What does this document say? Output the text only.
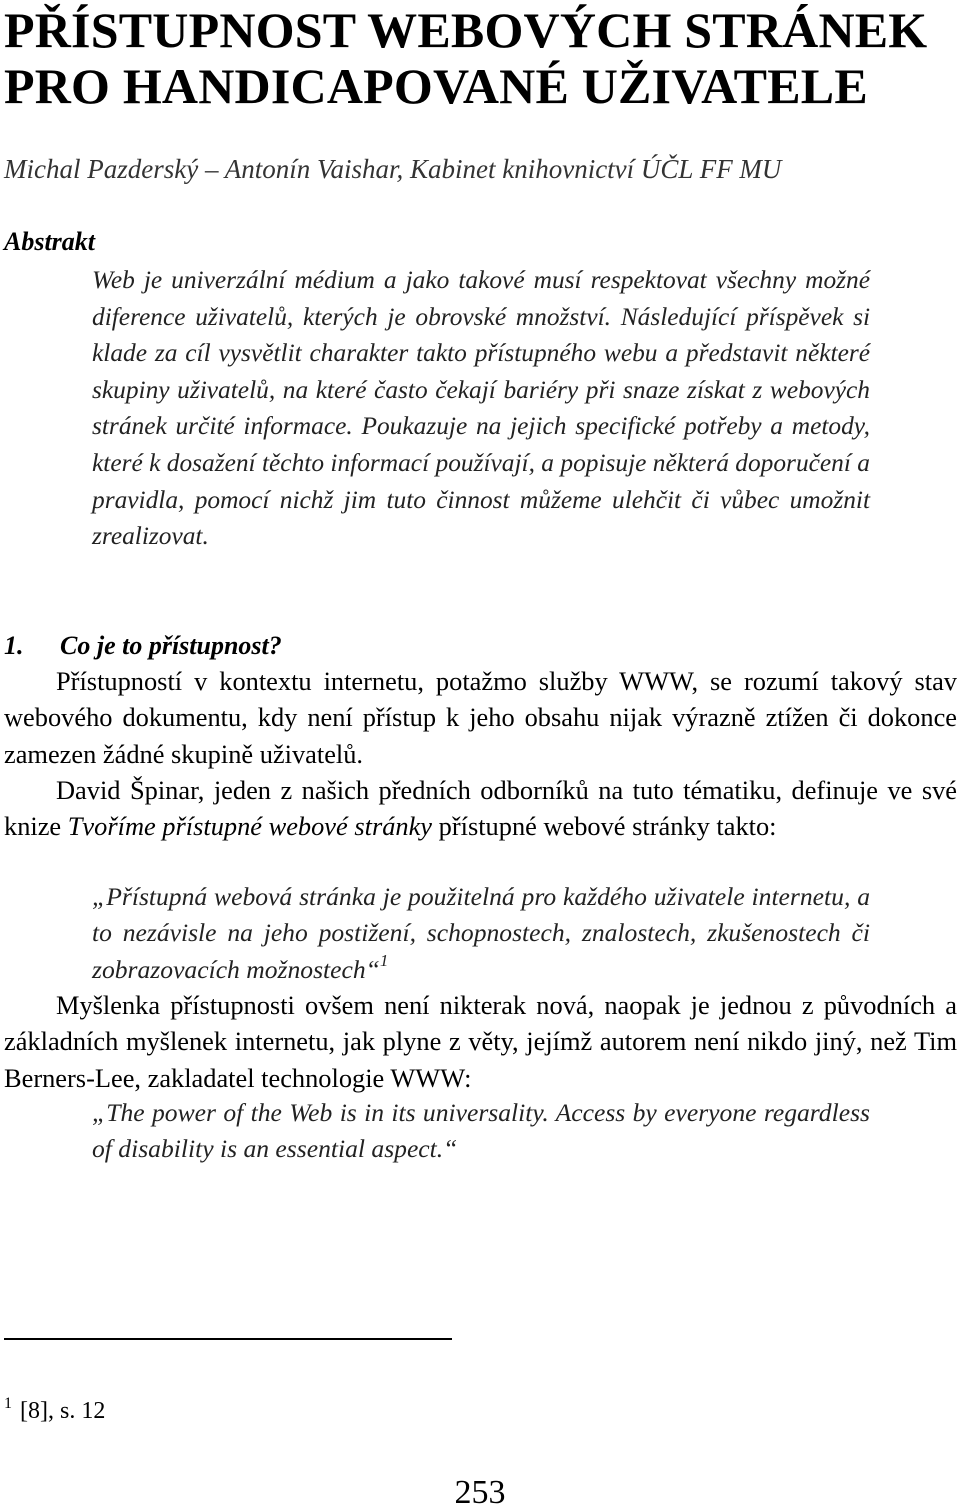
PŘÍSTUPNOST WEBOVÝCH STRÁNEK
PRO HANDICAPOVANÉ UŽIVATELE

Michal Pazderský – Antonín Vaishar, Kabinet knihovnictví ÚČL FF MU

Abstrakt

Web je univerzální médium a jako takové musí respektovat všechny možné diference uživatelů, kterých je obrovské množství. Následující příspěvek si klade za cíl vysvětlit charakter takto přístupného webu a představit některé skupiny uživatelů, na které často čekají bariéry při snaze získat z webových stránek určité informace. Poukazuje na jejich specifické potřeby a metody, které k dosažení těchto informací používají, a popisuje některá doporučení a pravidla, pomocí nichž jim tuto činnost můžeme ulehčit či vůbec umožnit zrealizovat.

1. Co je to přístupnost?

Přístupností v kontextu internetu, potažmo služby WWW, se rozumí takový stav webového dokumentu, kdy není přístup k jeho obsahu nijak výrazně ztížen či dokonce zamezen žádné skupině uživatelů.

David Špinar, jeden z našich předních odborníků na tuto tématiku, definuje ve své knize Tvoříme přístupné webové stránky přístupné webové stránky takto:

„Přístupná webová stránka je použitelná pro každého uživatele internetu, a to nezávisle na jeho postižení, schopnostech, znalostech, zkušenostech či zobrazovacích možnostech“$^1$

Myšlenka přístupnosti ovšem není nikterak nová, naopak je jednou z původních a základních myšlenek internetu, jak plyne z věty, jejímž autorem není nikdo jiný, než Tim Berners-Lee, zakladatel technologie WWW:

„The power of the Web is in its universality. Access by everyone regardless of disability is an essential aspect.“

$^1$ [8], s. 12

253
